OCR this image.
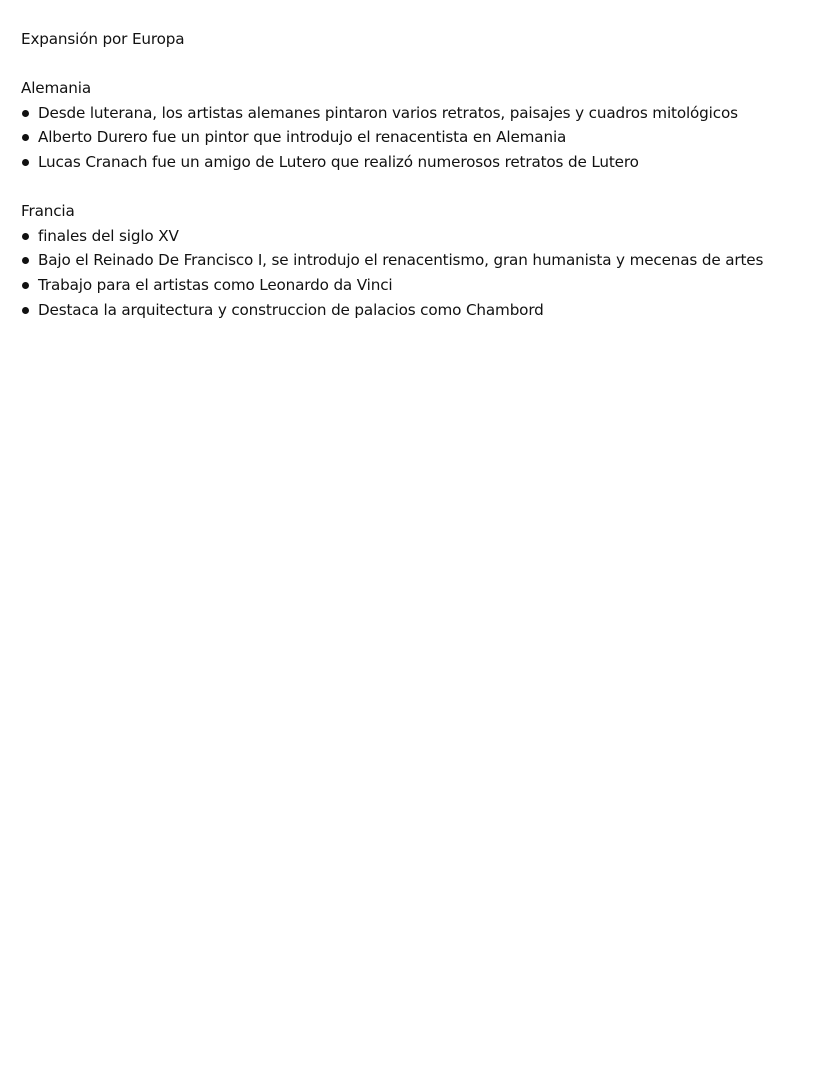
Expansión por Europa
Alemania
Desde luterana, los artistas alemanes pintaron varios retratos, paisajes y cuadros mitológicos
Alberto Durero fue un pintor que introdujo el renacentista en Alemania
Lucas Cranach fue un amigo de Lutero que realizó numerosos retratos de Lutero
Francia
finales del siglo XV
Bajo el Reinado De Francisco I, se introdujo el renacentismo, gran humanista y mecenas de artes
Trabajo para el artistas como Leonardo da Vinci
Destaca la arquitectura y construccion de palacios como Chambord
